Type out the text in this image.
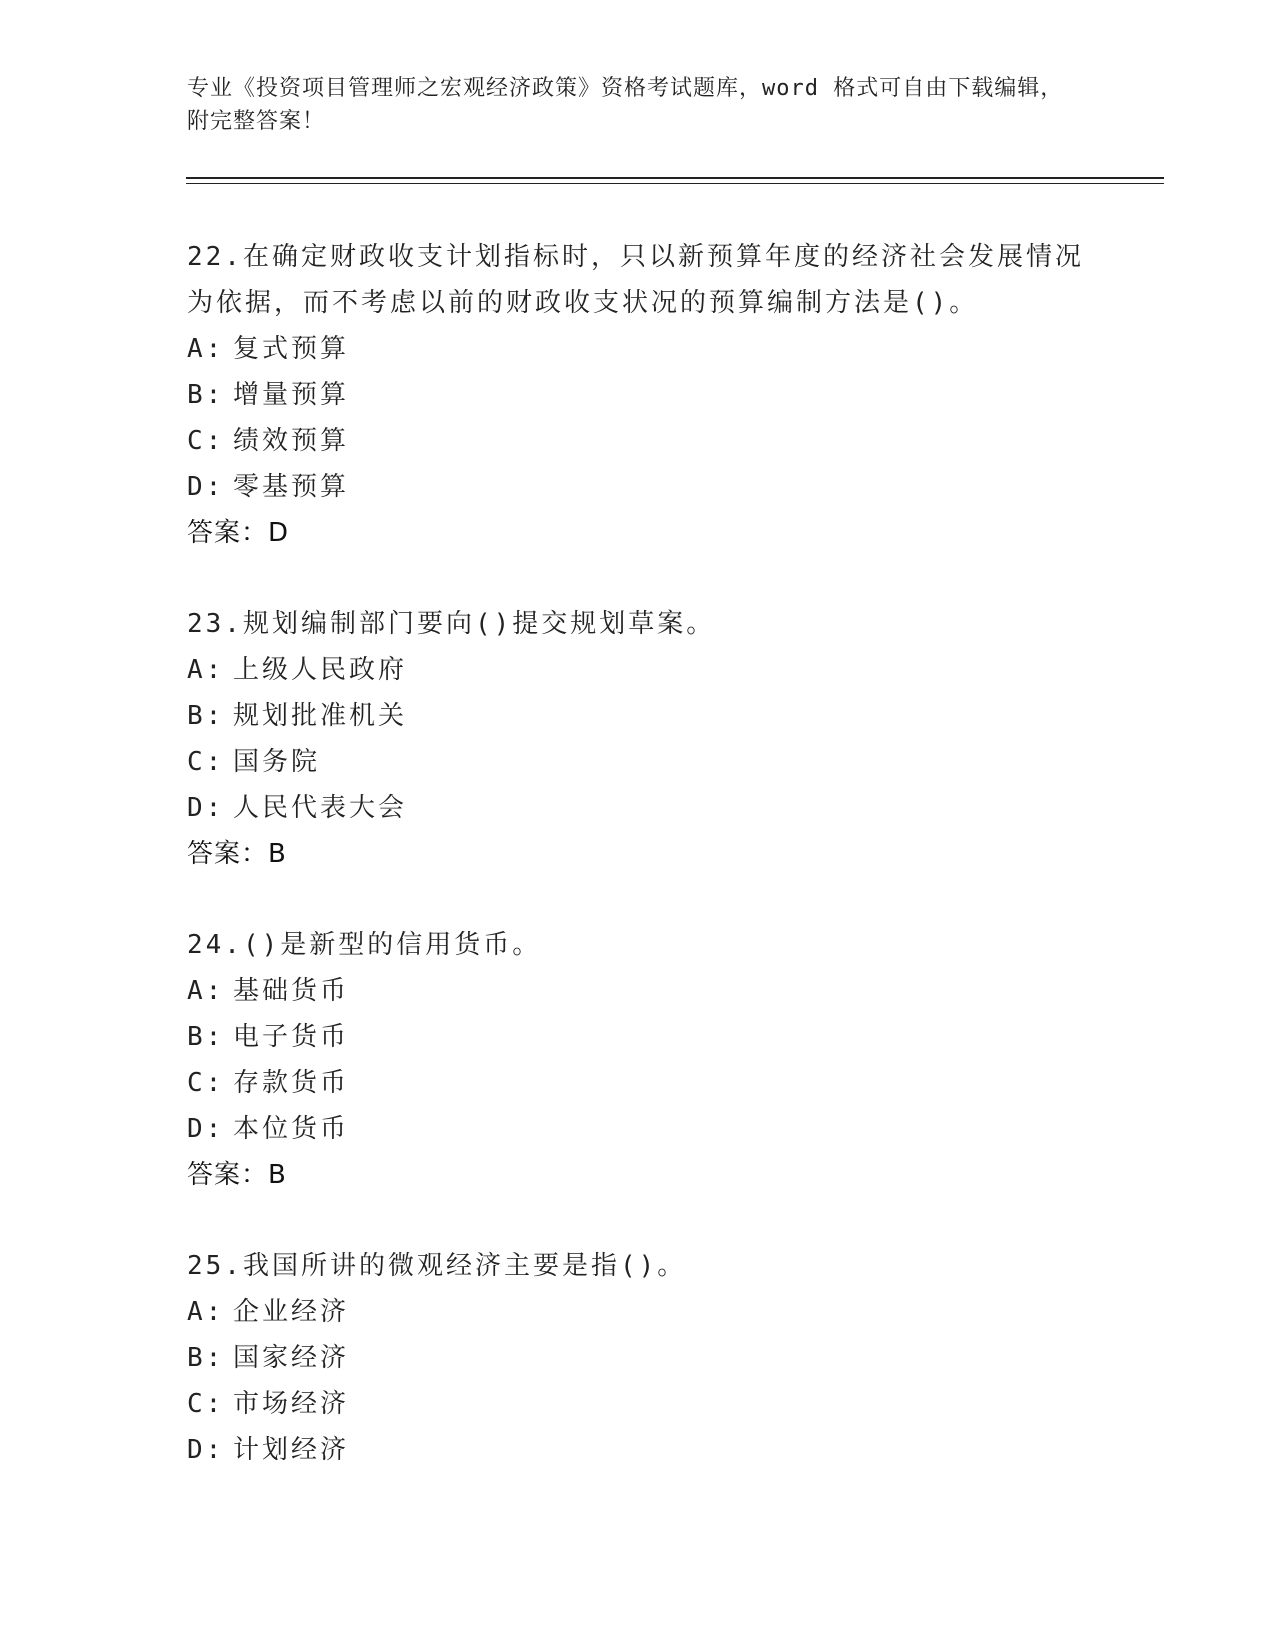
专业《投资项目管理师之宏观经济政策》资格考试题库，word 格式可自由下载编辑，附完整答案！
22.在确定财政收支计划指标时，只以新预算年度的经济社会发展情况为依据，而不考虑以前的财政收支状况的预算编制方法是()。
A: 复式预算
B: 增量预算
C: 绩效预算
D: 零基预算
答案：D
23.规划编制部门要向()提交规划草案。
A: 上级人民政府
B: 规划批准机关
C: 国务院
D: 人民代表大会
答案：B
24.()是新型的信用货币。
A: 基础货币
B: 电子货币
C: 存款货币
D: 本位货币
答案：B
25.我国所讲的微观经济主要是指()。
A: 企业经济
B: 国家经济
C: 市场经济
D: 计划经济
